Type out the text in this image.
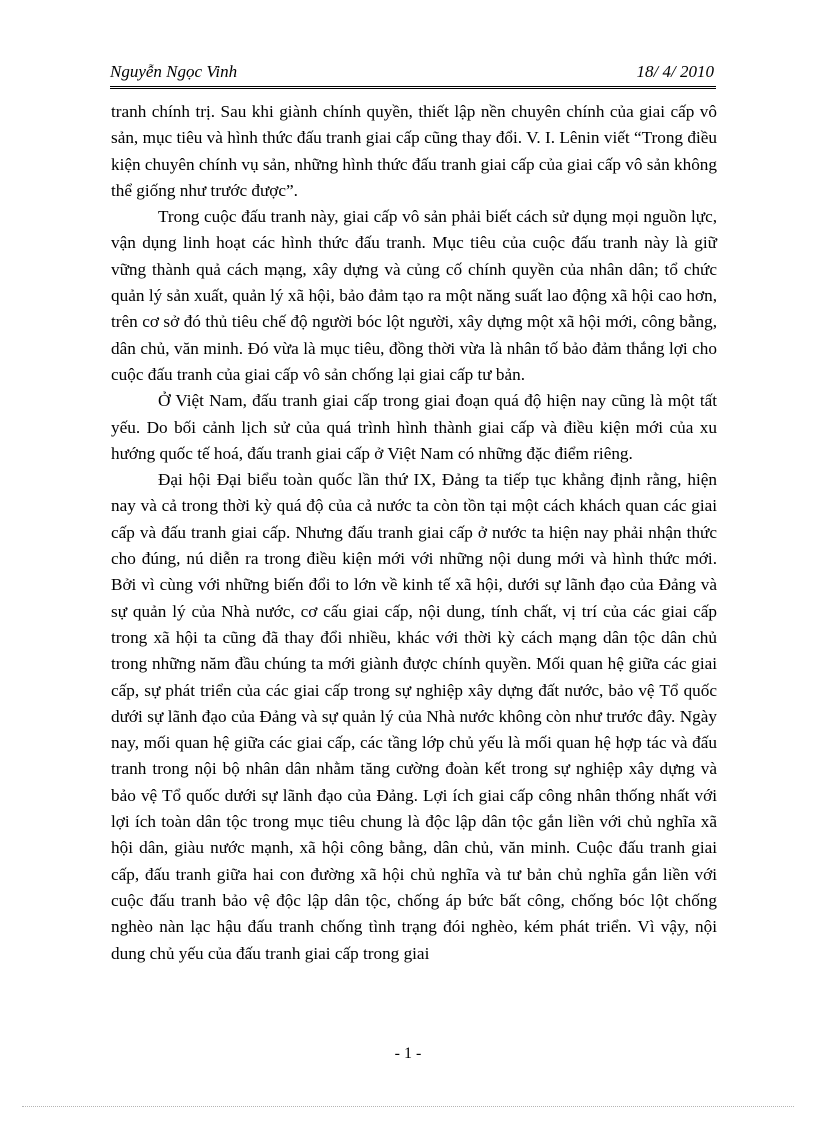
Nguyễn Ngọc Vinh	18/ 4/ 2010

tranh chính trị. Sau khi giành chính quyền, thiết lập nền chuyên chính của giai cấp vô sản, mục tiêu và hình thức đấu tranh giai cấp cũng thay đổi. V. I. Lênin viết “Trong điều kiện chuyên chính vụ sản, những hình thức đấu tranh giai cấp của giai cấp vô sản không thể giống như trước được”.

Trong cuộc đấu tranh này, giai cấp vô sản phải biết cách sử dụng mọi nguồn lực, vận dụng linh hoạt các hình thức đấu tranh. Mục tiêu của cuộc đấu tranh này là giữ vững thành quả cách mạng, xây dựng và củng cố chính quyền của nhân dân; tổ chức quản lý sản xuất, quản lý xã hội, bảo đảm tạo ra một năng suất lao động xã hội cao hơn, trên cơ sở đó thủ tiêu chế độ người bóc lột người, xây dựng một xã hội mới, công bằng, dân chủ, văn minh. Đó vừa là mục tiêu, đồng thời vừa là nhân tố bảo đảm thắng lợi cho cuộc đấu tranh của giai cấp vô sản chống lại giai cấp tư bản.

Ở Việt Nam, đấu tranh giai cấp trong giai đoạn quá độ hiện nay cũng là một tất yếu. Do bối cảnh lịch sử của quá trình hình thành giai cấp và điều kiện mới của xu hướng quốc tế hoá, đấu tranh giai cấp ở Việt Nam có những đặc điểm riêng.

Đại hội Đại biểu toàn quốc lần thứ IX, Đảng ta tiếp tục khẳng định rằng, hiện nay và cả trong thời kỳ quá độ của cả nước ta còn tồn tại một cách khách quan các giai cấp và đấu tranh giai cấp. Nhưng đấu tranh giai cấp ở nước ta hiện nay phải nhận thức cho đúng, nú diễn ra trong điều kiện mới với những nội dung mới và hình thức mới. Bởi vì cùng với những biến đổi to lớn về kinh tế xã hội, dưới sự lãnh đạo của Đảng và sự quản lý của Nhà nước, cơ cấu giai cấp, nội dung, tính chất, vị trí của các giai cấp trong xã hội ta cũng đã thay đổi nhiều, khác với thời kỳ cách mạng dân tộc dân chủ trong những năm đầu chúng ta mới giành được chính quyền. Mối quan hệ giữa các giai cấp, sự phát triển của các giai cấp trong sự nghiệp xây dựng đất nước, bảo vệ Tổ quốc dưới sự lãnh đạo của Đảng và sự quản lý của Nhà nước không còn như trước đây. Ngày nay, mối quan hệ giữa các giai cấp, các tầng lớp chủ yếu là mối quan hệ hợp tác và đấu tranh trong nội bộ nhân dân nhằm tăng cường đoàn kết trong sự nghiệp xây dựng và bảo vệ Tổ quốc dưới sự lãnh đạo của Đảng. Lợi ích giai cấp công nhân thống nhất với lợi ích toàn dân tộc trong mục tiêu chung là độc lập dân tộc gắn liền với chủ nghĩa xã hội dân, giàu nước mạnh, xã hội công bằng, dân chủ, văn minh. Cuộc đấu tranh giai cấp, đấu tranh giữa hai con đường xã hội chủ nghĩa và tư bản chủ nghĩa gắn liền với cuộc đấu tranh bảo vệ độc lập dân tộc, chống áp bức bất công, chống bóc lột chống nghèo nàn lạc hậu đấu tranh chống tình trạng đói nghèo, kém phát triển. Vì vậy, nội dung chủ yếu của đấu tranh giai cấp trong giai

- 1 -
